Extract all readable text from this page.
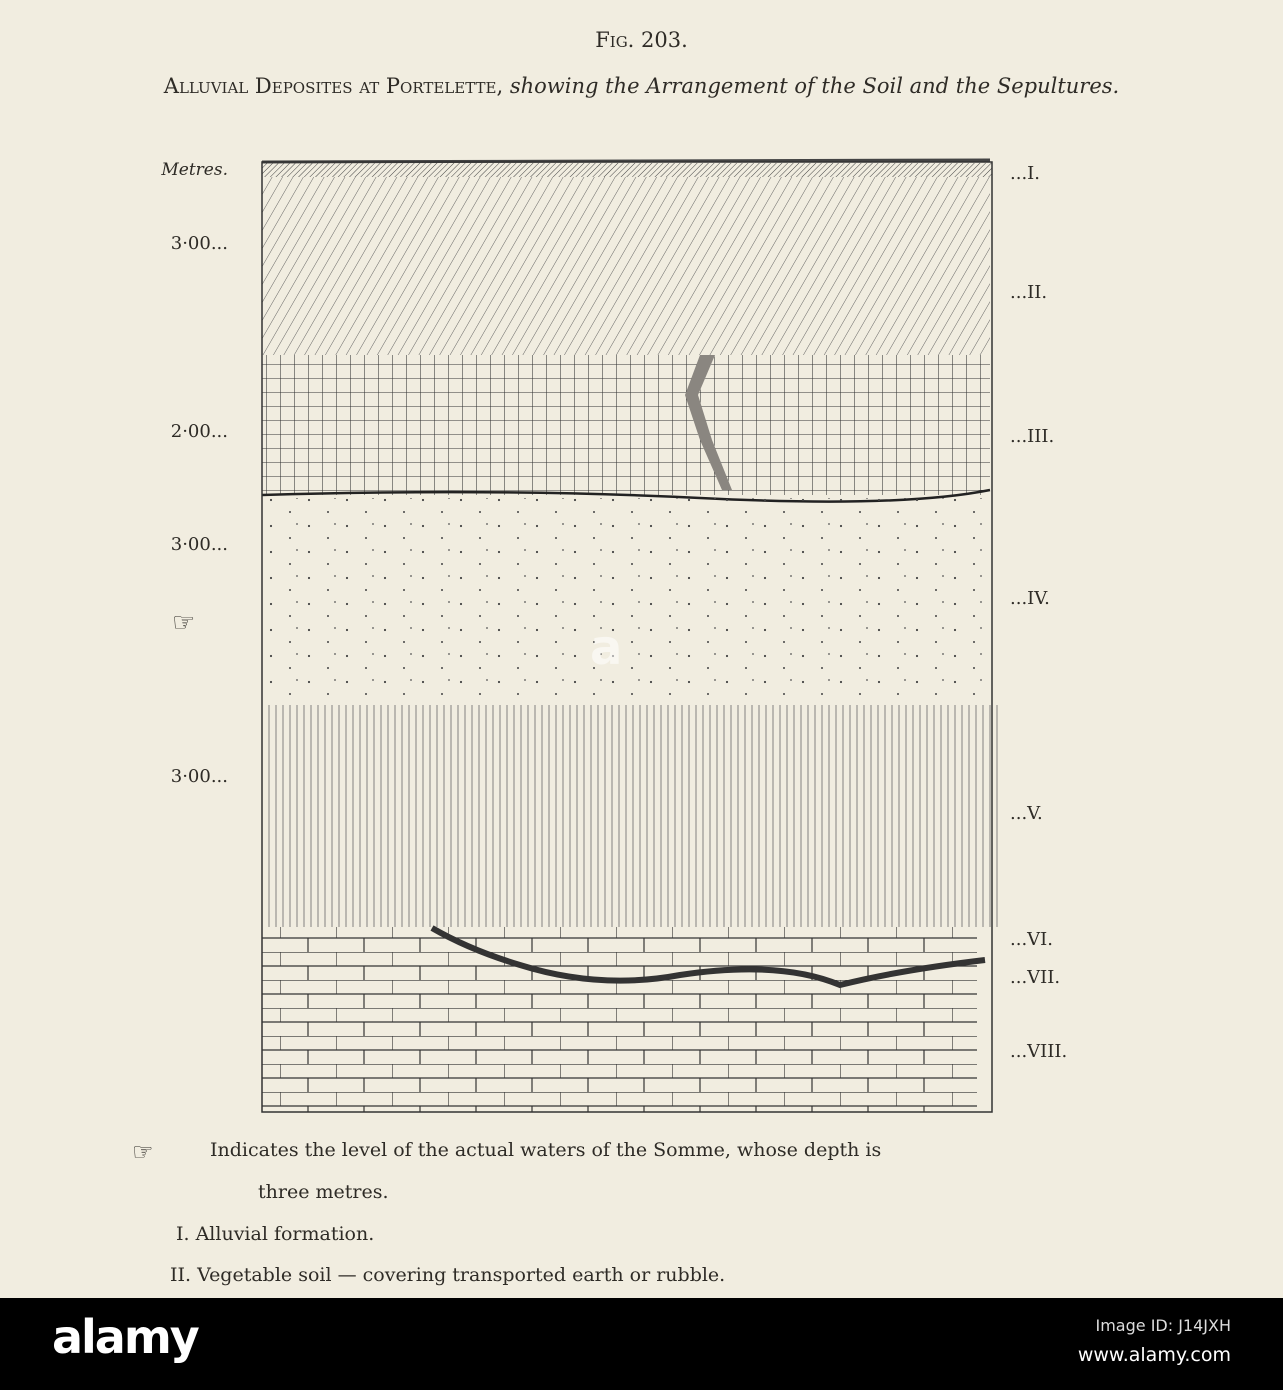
Fig. 203.
Alluvial Deposites at Portelette, showing the Arrangement of the Soil and the Sepultures.
Metres.
3·00...
2·00...
3·00...
3·00...
☞
...I.
...II.
...III.
...IV.
...V.
...VI.
...VII.
...VIII.
☞	Indicates the level of the actual waters of the Somme, whose depth is
three metres.
I. Alluvial formation.
II. Vegetable soil — covering transported earth or rubble.
a
alamy	Image ID: J14JXH
www.alamy.com
